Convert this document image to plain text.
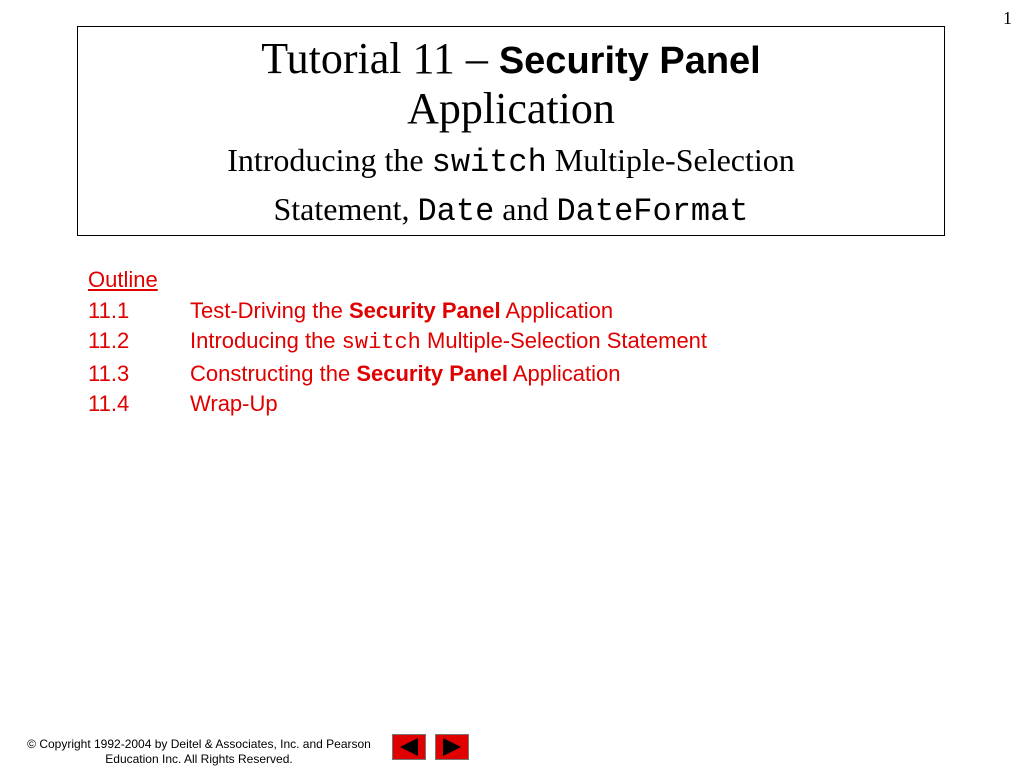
1
Tutorial 11 – Security Panel
Application
Introducing the switch Multiple-Selection
Statement, Date and DateFormat
Outline
11.1	Test-Driving the Security Panel Application
11.2	Introducing the switch Multiple-Selection Statement
11.3	Constructing the Security Panel Application
11.4	Wrap-Up
© Copyright 1992-2004 by Deitel & Associates, Inc. and Pearson
Education Inc. All Rights Reserved.
